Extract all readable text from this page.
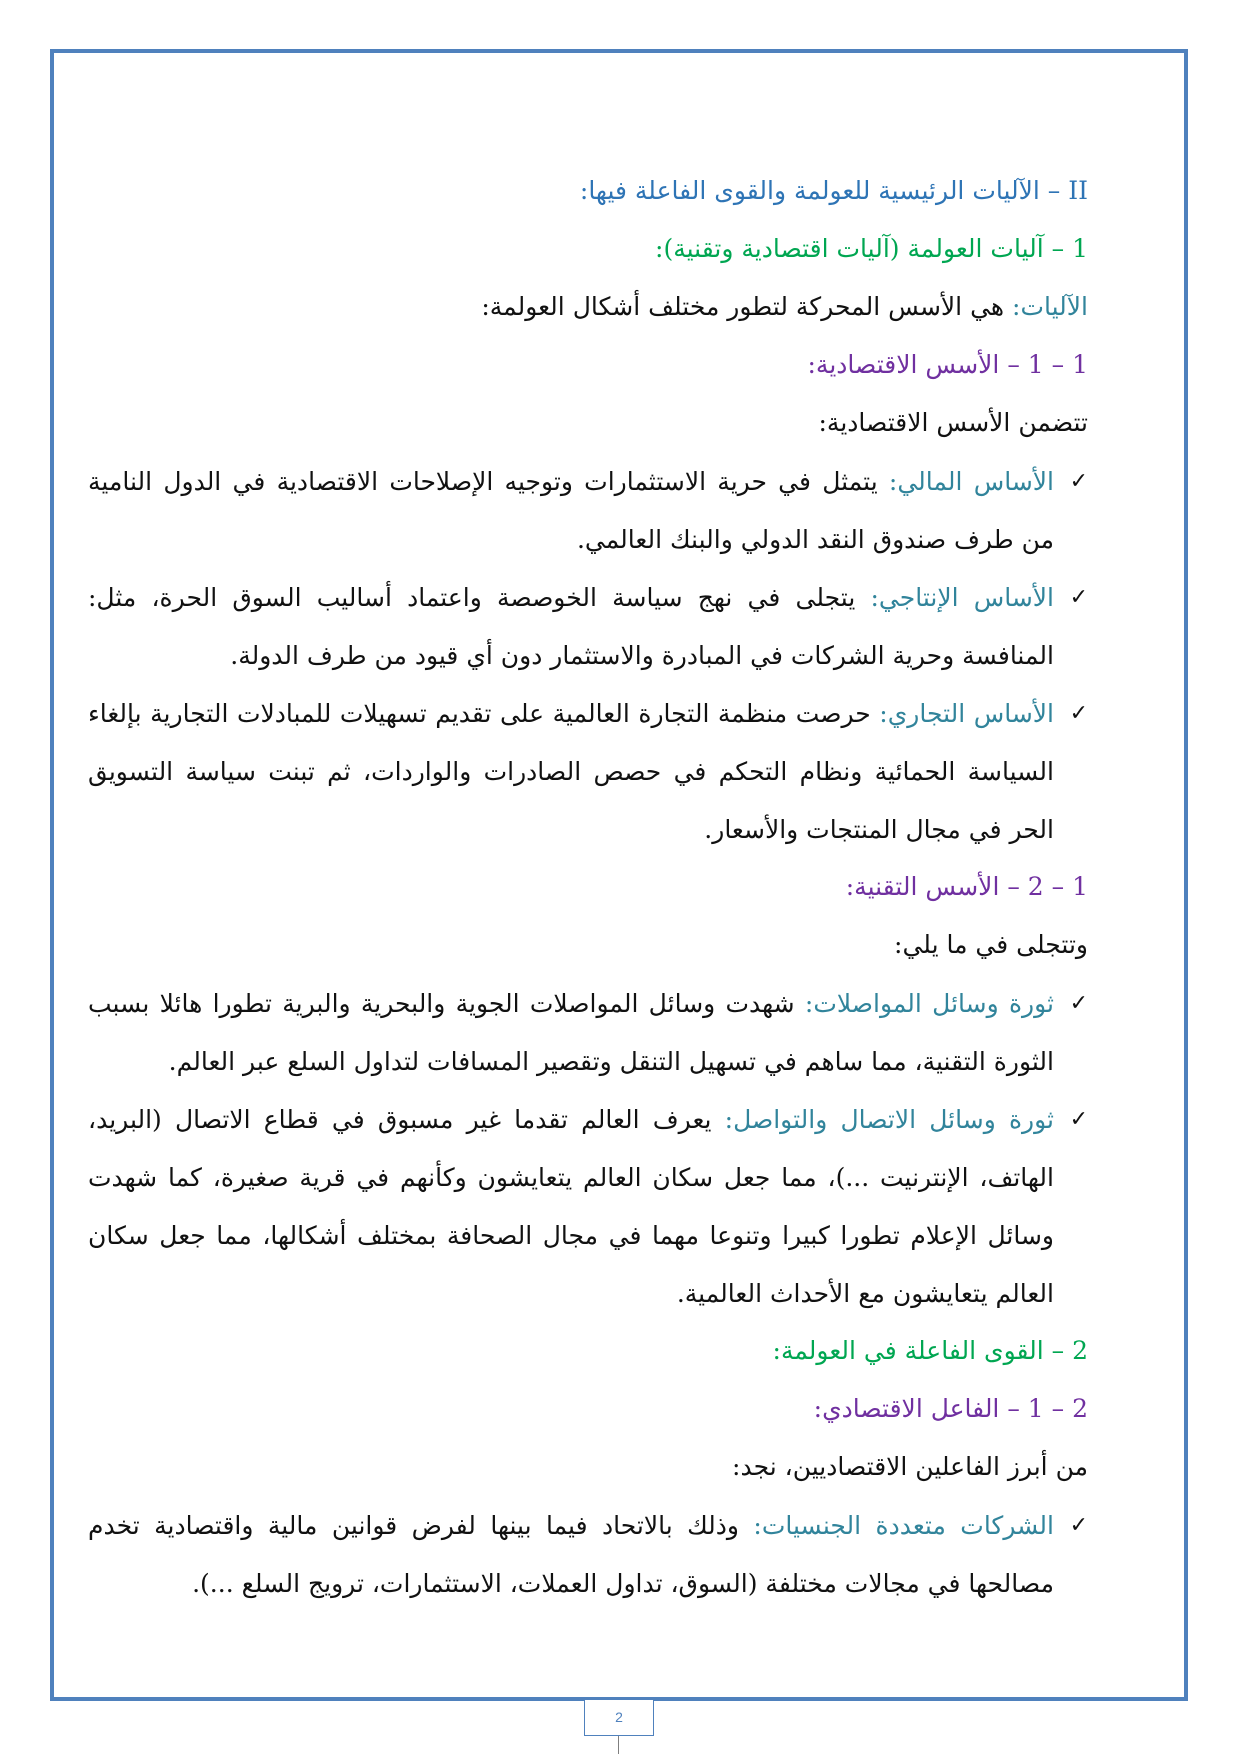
II – الآليات الرئيسية للعولمة والقوى الفاعلة فيها:
1 – آليات العولمة (آليات اقتصادية وتقنية):
الآليات: هي الأسس المحركة لتطور مختلف أشكال العولمة:
1 – 1 – الأسس الاقتصادية:
تتضمن الأسس الاقتصادية:
✓
الأساس المالي: يتمثل في حرية الاستثمارات وتوجيه الإصلاحات الاقتصادية في الدول النامية من طرف صندوق النقد الدولي والبنك العالمي.
✓
الأساس الإنتاجي: يتجلى في نهج سياسة الخوصصة واعتماد أساليب السوق الحرة، مثل: المنافسة وحرية الشركات في المبادرة والاستثمار دون أي قيود من طرف الدولة.
✓
الأساس التجاري: حرصت منظمة التجارة العالمية على تقديم تسهيلات للمبادلات التجارية بإلغاء السياسة الحمائية ونظام التحكم في حصص الصادرات والواردات، ثم تبنت سياسة التسويق الحر في مجال المنتجات والأسعار.
1 – 2 – الأسس التقنية:
وتتجلى في ما يلي:
✓
ثورة وسائل المواصلات: شهدت وسائل المواصلات الجوية والبحرية والبرية تطورا هائلا بسبب الثورة التقنية، مما ساهم في تسهيل التنقل وتقصير المسافات لتداول السلع عبر العالم.
✓
ثورة وسائل الاتصال والتواصل: يعرف العالم تقدما غير مسبوق في قطاع الاتصال (البريد، الهاتف، الإنترنيت ...)، مما جعل سكان العالم يتعايشون وكأنهم في قرية صغيرة، كما شهدت وسائل الإعلام تطورا كبيرا وتنوعا مهما في مجال الصحافة بمختلف أشكالها، مما جعل سكان العالم يتعايشون مع الأحداث العالمية.
2 – القوى الفاعلة في العولمة:
2 – 1 – الفاعل الاقتصادي:
من أبرز الفاعلين الاقتصاديين، نجد:
✓
الشركات متعددة الجنسيات: وذلك بالاتحاد فيما بينها لفرض قوانين مالية واقتصادية تخدم مصالحها في مجالات مختلفة (السوق، تداول العملات، الاستثمارات، ترويج السلع ...).
2
